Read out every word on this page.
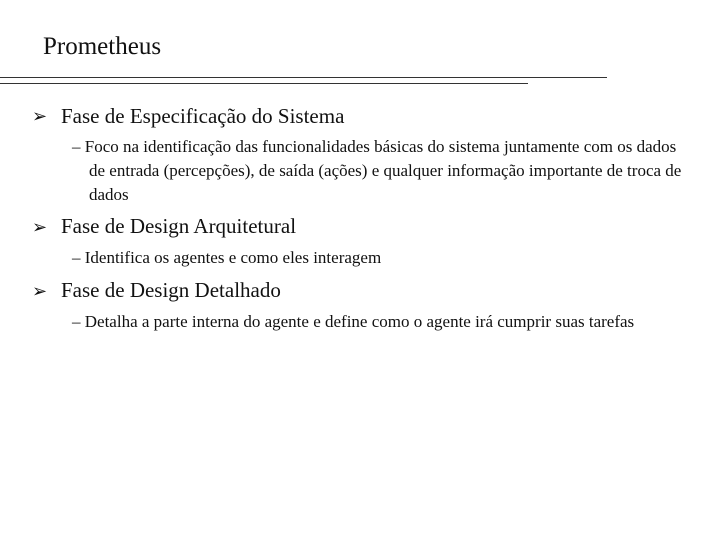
Prometheus
➢ Fase de Especificação do Sistema
– Foco na identificação das funcionalidades básicas do sistema juntamente com os dados de entrada (percepções), de saída (ações) e qualquer informação importante de troca de dados
➢ Fase de Design Arquitetural
– Identifica os agentes e como eles interagem
➢ Fase de Design Detalhado
– Detalha a parte interna do agente e define como o agente irá cumprir suas tarefas
